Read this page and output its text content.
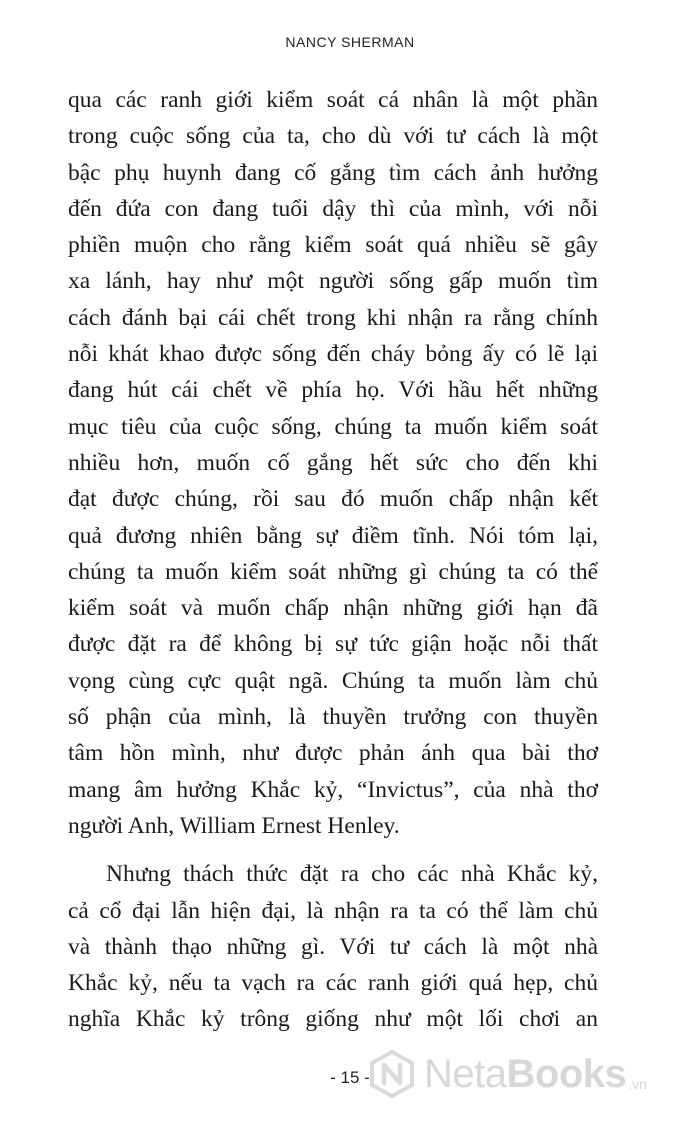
NANCY SHERMAN
qua các ranh giới kiểm soát cá nhân là một phần
trong cuộc sống của ta, cho dù với tư cách là một
bậc phụ huynh đang cố gắng tìm cách ảnh hưởng
đến đứa con đang tuổi dậy thì của mình, với nỗi
phiền muộn cho rằng kiểm soát quá nhiều sẽ gây
xa lánh, hay như một người sống gấp muốn tìm
cách đánh bại cái chết trong khi nhận ra rằng chính
nỗi khát khao được sống đến cháy bỏng ấy có lẽ lại
đang hút cái chết về phía họ. Với hầu hết những
mục tiêu của cuộc sống, chúng ta muốn kiểm soát
nhiều hơn, muốn cố gắng hết sức cho đến khi
đạt được chúng, rồi sau đó muốn chấp nhận kết
quả đương nhiên bằng sự điềm tĩnh. Nói tóm lại,
chúng ta muốn kiểm soát những gì chúng ta có thể
kiểm soát và muốn chấp nhận những giới hạn đã
được đặt ra để không bị sự tức giận hoặc nỗi thất
vọng cùng cực quật ngã. Chúng ta muốn làm chủ
số phận của mình, là thuyền trưởng con thuyền
tâm hồn mình, như được phản ánh qua bài thơ
mang âm hưởng Khắc kỷ, “Invictus”, của nhà thơ
người Anh, William Ernest Henley.
Nhưng thách thức đặt ra cho các nhà Khắc kỷ,
cả cổ đại lẫn hiện đại, là nhận ra ta có thể làm chủ
và thành thạo những gì. Với tư cách là một nhà
Khắc kỷ, nếu ta vạch ra các ranh giới quá hẹp, chủ
nghĩa Khắc kỷ trông giống như một lối chơi an
- 15 -	NetaBooks .vn
